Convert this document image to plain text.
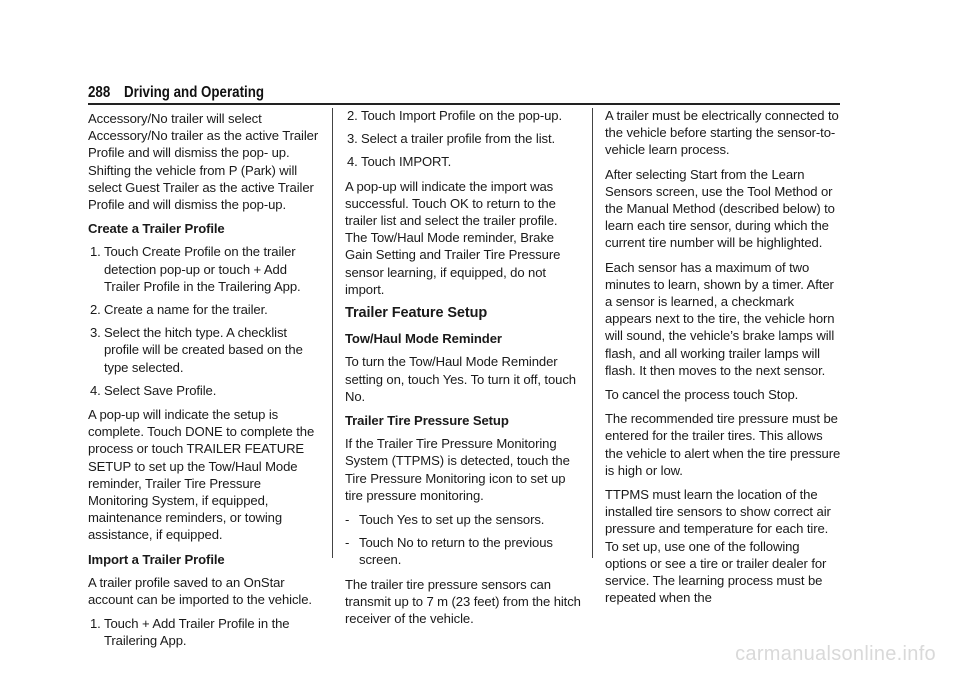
288 Driving and Operating

Accessory/No trailer will select Accessory/No trailer as the active Trailer Profile and will dismiss the pop- up. Shifting the vehicle from P (Park) will select Guest Trailer as the active Trailer Profile and will dismiss the pop-up.

Create a Trailer Profile

1. Touch Create Profile on the trailer detection pop-up or touch + Add Trailer Profile in the Trailering App.
2. Create a name for the trailer.
3. Select the hitch type. A checklist profile will be created based on the type selected.
4. Select Save Profile.

A pop-up will indicate the setup is complete. Touch DONE to complete the process or touch TRAILER FEATURE SETUP to set up the Tow/Haul Mode reminder, Trailer Tire Pressure Monitoring System, if equipped, maintenance reminders, or towing assistance, if equipped.

Import a Trailer Profile

A trailer profile saved to an OnStar account can be imported to the vehicle.

1. Touch + Add Trailer Profile in the Trailering App.
2. Touch Import Profile on the pop-up.
3. Select a trailer profile from the list.
4. Touch IMPORT.

A pop-up will indicate the import was successful. Touch OK to return to the trailer list and select the trailer profile. The Tow/Haul Mode reminder, Brake Gain Setting and Trailer Tire Pressure sensor learning, if equipped, do not import.

Trailer Feature Setup

Tow/Haul Mode Reminder

To turn the Tow/Haul Mode Reminder setting on, touch Yes. To turn it off, touch No.

Trailer Tire Pressure Setup

If the Trailer Tire Pressure Monitoring System (TTPMS) is detected, touch the Tire Pressure Monitoring icon to set up tire pressure monitoring.

- Touch Yes to set up the sensors.
- Touch No to return to the previous screen.

The trailer tire pressure sensors can transmit up to 7 m (23 feet) from the hitch receiver of the vehicle.

A trailer must be electrically connected to the vehicle before starting the sensor-to-vehicle learn process.

After selecting Start from the Learn Sensors screen, use the Tool Method or the Manual Method (described below) to learn each tire sensor, during which the current tire number will be highlighted.

Each sensor has a maximum of two minutes to learn, shown by a timer. After a sensor is learned, a checkmark appears next to the tire, the vehicle horn will sound, the vehicle’s brake lamps will flash, and all working trailer lamps will flash. It then moves to the next sensor.

To cancel the process touch Stop.

The recommended tire pressure must be entered for the trailer tires. This allows the vehicle to alert when the tire pressure is high or low.

TTPMS must learn the location of the installed tire sensors to show correct air pressure and temperature for each tire. To set up, use one of the following options or see a tire or trailer dealer for service. The learning process must be repeated when the

carmanualsonline.info
